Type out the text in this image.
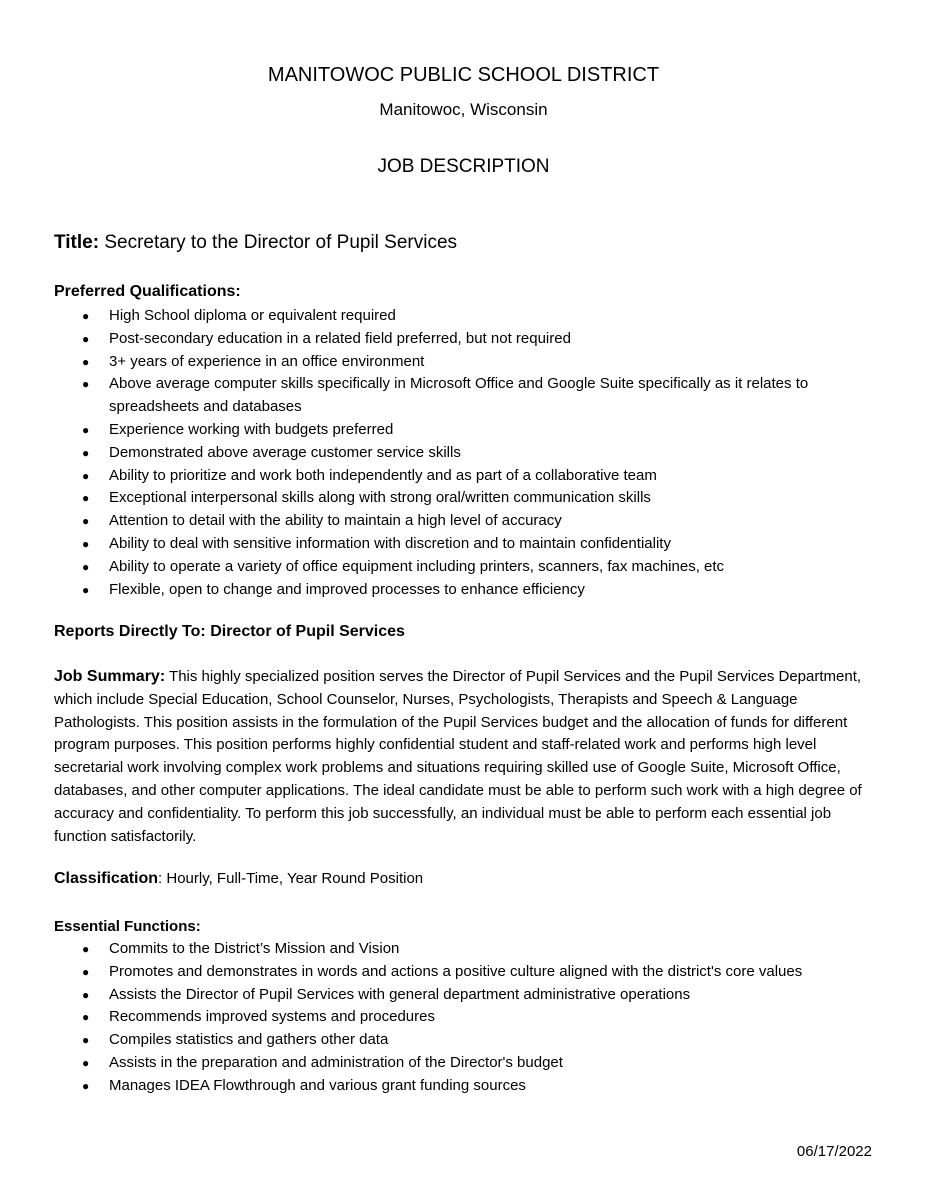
MANITOWOC PUBLIC SCHOOL DISTRICT
Manitowoc, Wisconsin
JOB DESCRIPTION
Title: Secretary to the Director of Pupil Services
Preferred Qualifications:
● High School diploma or equivalent required
● Post-secondary education in a related field preferred, but not required
● 3+ years of experience in an office environment
● Above average computer skills specifically in Microsoft Office and Google Suite specifically as it relates to spreadsheets and databases
● Experience working with budgets preferred
● Demonstrated above average customer service skills
● Ability to prioritize and work both independently and as part of a collaborative team
● Exceptional interpersonal skills along with strong oral/written communication skills
● Attention to detail with the ability to maintain a high level of accuracy
● Ability to deal with sensitive information with discretion and to maintain confidentiality
● Ability to operate a variety of office equipment including printers, scanners, fax machines, etc
● Flexible, open to change and improved processes to enhance efficiency
Reports Directly To: Director of Pupil Services
Job Summary: This highly specialized position serves the Director of Pupil Services and the Pupil Services Department, which include Special Education, School Counselor, Nurses, Psychologists, Therapists and Speech & Language Pathologists. This position assists in the formulation of the Pupil Services budget and the allocation of funds for different program purposes. This position performs highly confidential student and staff-related work and performs high level secretarial work involving complex work problems and situations requiring skilled use of Google Suite, Microsoft Office, databases, and other computer applications. The ideal candidate must be able to perform such work with a high degree of accuracy and confidentiality. To perform this job successfully, an individual must be able to perform each essential job function satisfactorily.
Classification: Hourly, Full-Time, Year Round Position
Essential Functions:
● Commits to the District’s Mission and Vision
● Promotes and demonstrates in words and actions a positive culture aligned with the district's core values
● Assists the Director of Pupil Services with general department administrative operations
● Recommends improved systems and procedures
● Compiles statistics and gathers other data
● Assists in the preparation and administration of the Director's budget
● Manages IDEA Flowthrough and various grant funding sources
06/17/2022
